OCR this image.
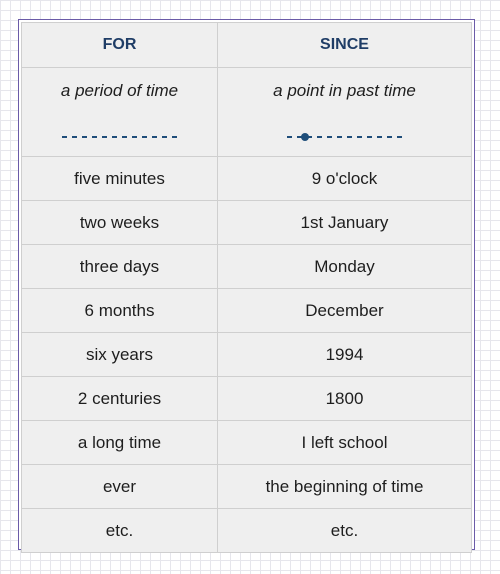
FOR	SINCE

a period of time	a point in past time

five minutes	9 o'clock
two weeks	1st January
three days	Monday
6 months	December
six years	1994
2 centuries	1800
a long time	I left school
ever	the beginning of time
etc.	etc.
